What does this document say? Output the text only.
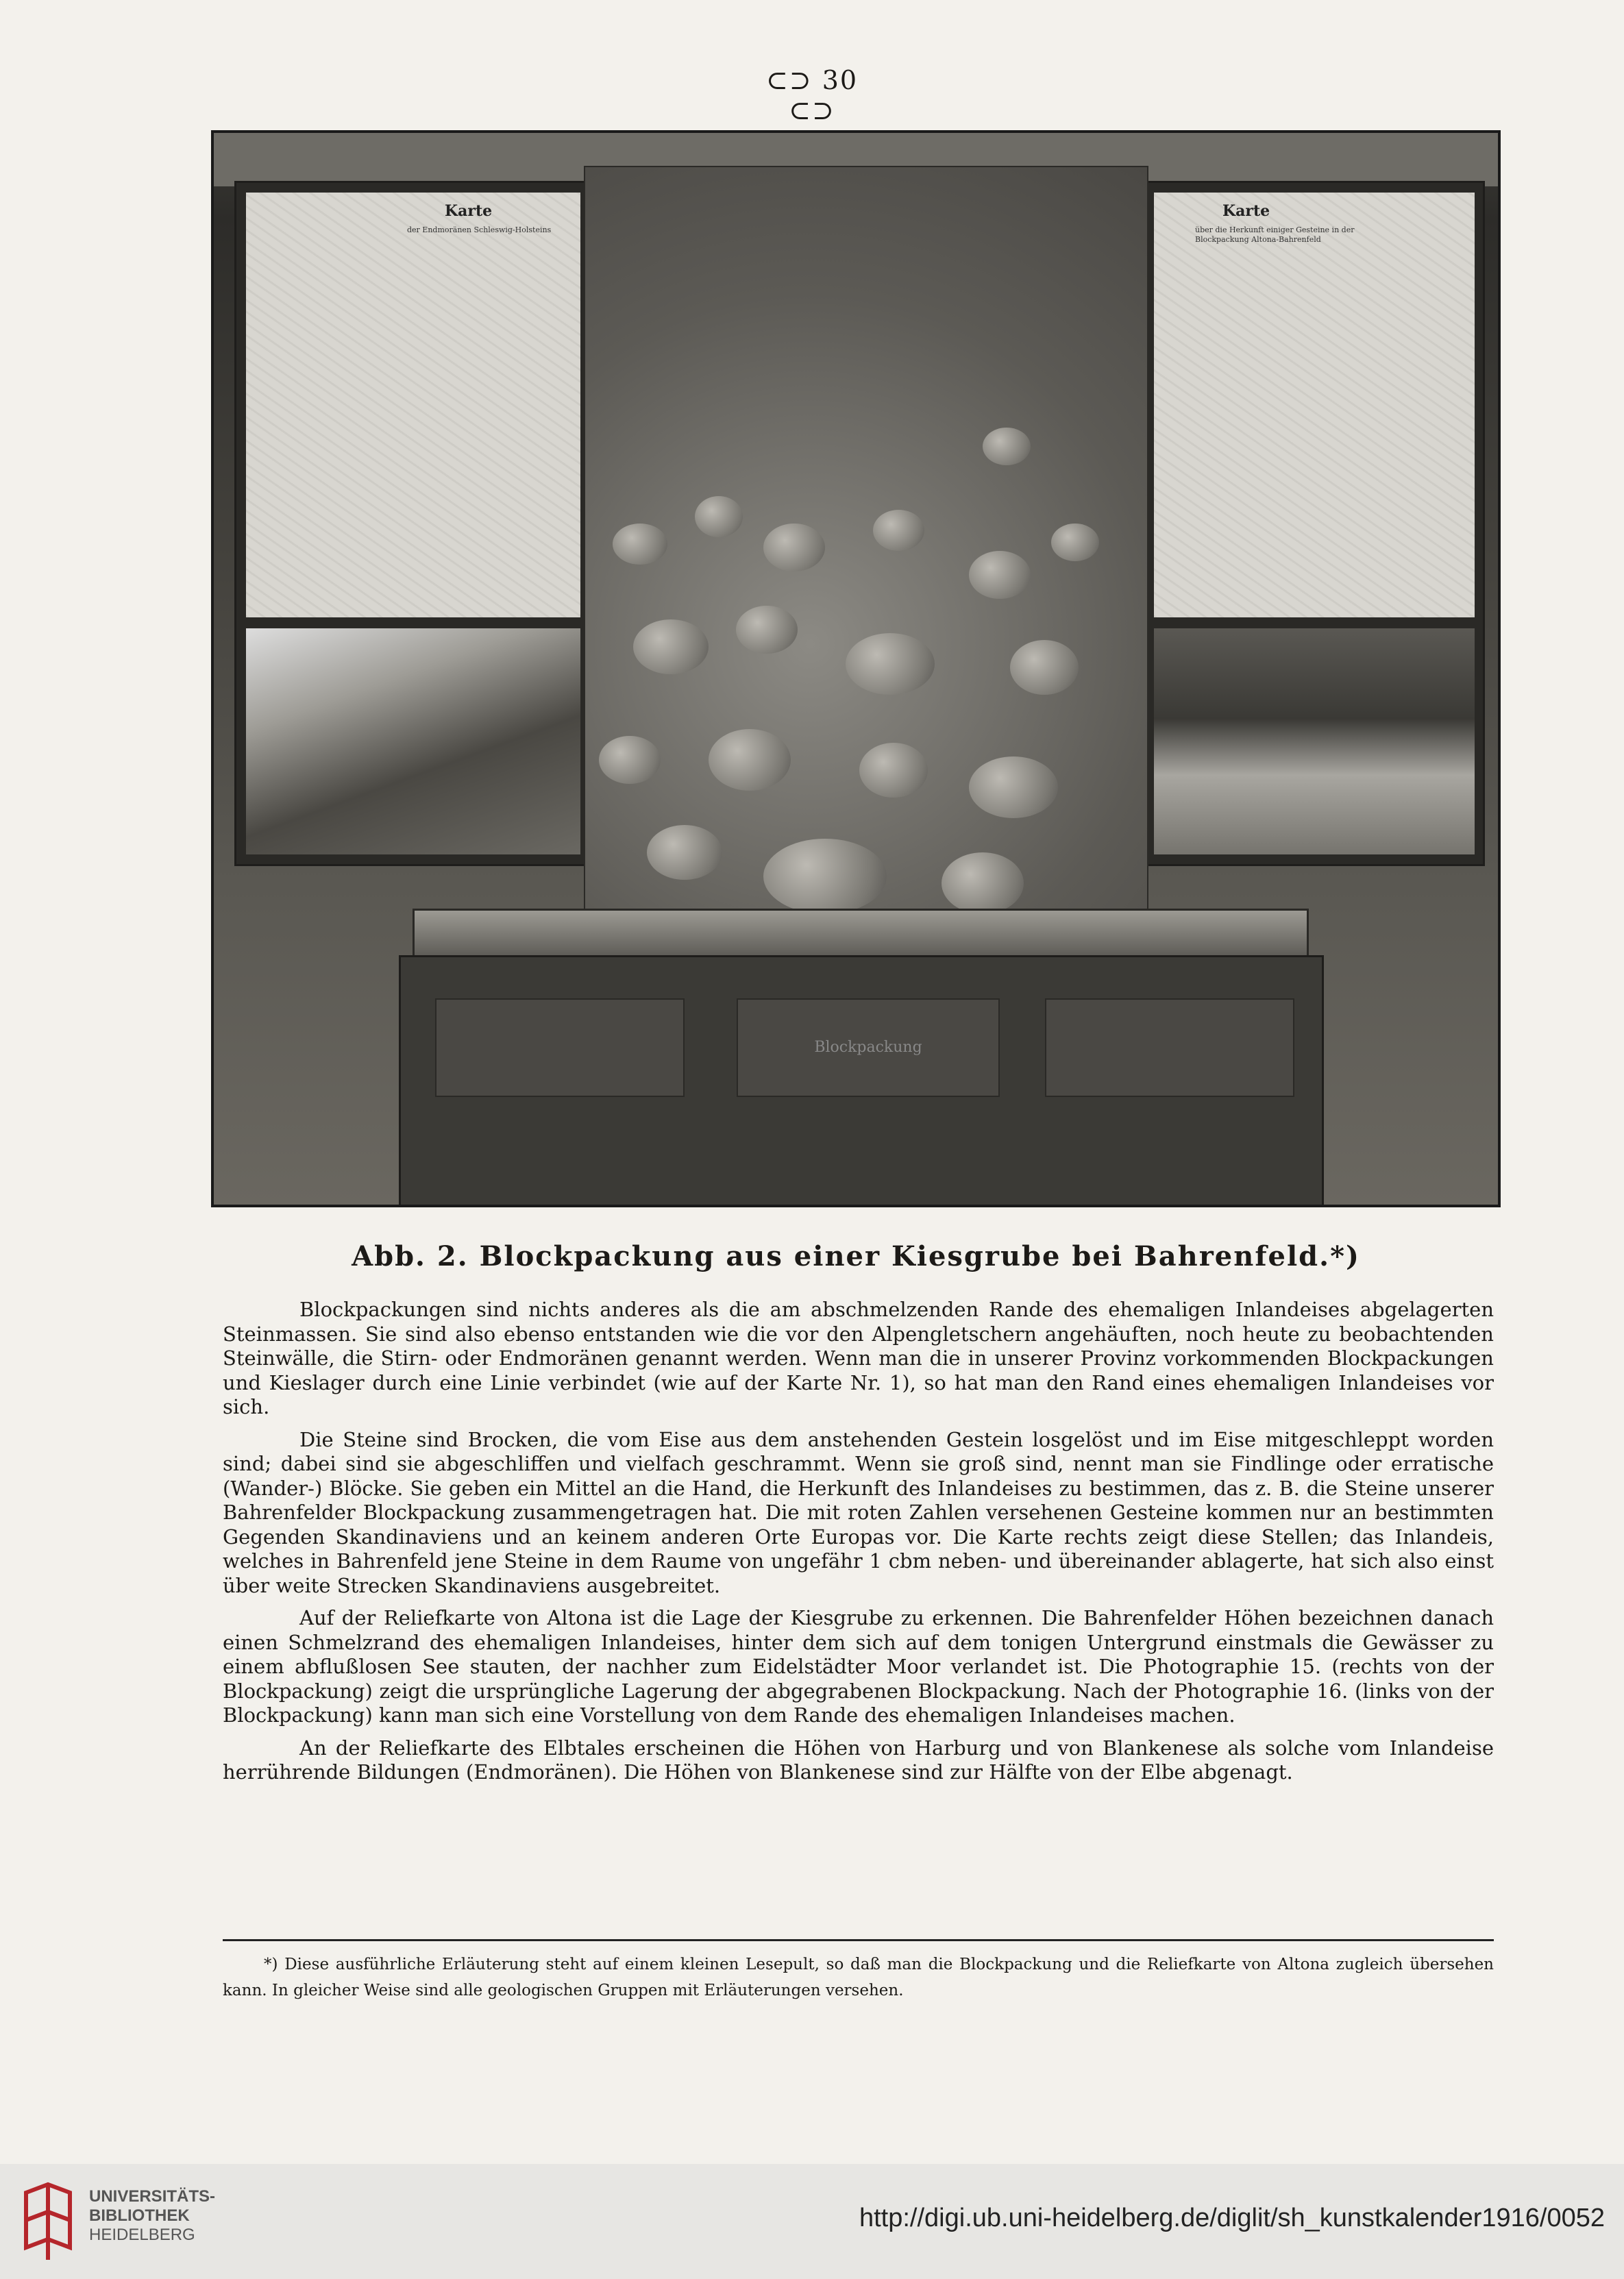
⊂⊃ 30 ⊂⊃
Karte
der Endmoränen Schleswig-Holsteins
Karte
über die Herkunft einiger Gesteine in der Blockpackung Altona-Bahrenfeld
Blockpackung
Abb. 2. Blockpackung aus einer Kiesgrube bei Bahrenfeld.*)

Blockpackungen sind nichts anderes als die am abschmelzenden Rande des ehemaligen Inlandeises abgelagerten Steinmassen. Sie sind also ebenso entstanden wie die vor den Alpengletschern angehäuften, noch heute zu beobachtenden Steinwälle, die Stirn- oder Endmoränen genannt werden. Wenn man die in unserer Provinz vorkommenden Blockpackungen und Kieslager durch eine Linie verbindet (wie auf der Karte Nr. 1), so hat man den Rand eines ehemaligen Inlandeises vor sich.

Die Steine sind Brocken, die vom Eise aus dem anstehenden Gestein losgelöst und im Eise mitgeschleppt worden sind; dabei sind sie abgeschliffen und vielfach geschrammt. Wenn sie groß sind, nennt man sie Findlinge oder erratische (Wander-) Blöcke. Sie geben ein Mittel an die Hand, die Herkunft des Inlandeises zu bestimmen, das z. B. die Steine unserer Bahrenfelder Blockpackung zusammengetragen hat. Die mit roten Zahlen versehenen Gesteine kommen nur an bestimmten Gegenden Skandinaviens und an keinem anderen Orte Europas vor. Die Karte rechts zeigt diese Stellen; das Inlandeis, welches in Bahrenfeld jene Steine in dem Raume von ungefähr 1 cbm neben- und übereinander ablagerte, hat sich also einst über weite Strecken Skandinaviens ausgebreitet.

Auf der Reliefkarte von Altona ist die Lage der Kiesgrube zu erkennen. Die Bahrenfelder Höhen bezeichnen danach einen Schmelzrand des ehemaligen Inlandeises, hinter dem sich auf dem tonigen Untergrund einstmals die Gewässer zu einem abflußlosen See stauten, der nachher zum Eidelstädter Moor verlandet ist. Die Photographie 15. (rechts von der Blockpackung) zeigt die ursprüngliche Lagerung der abgegrabenen Blockpackung. Nach der Photographie 16. (links von der Blockpackung) kann man sich eine Vorstellung von dem Rande des ehemaligen Inlandeises machen.

An der Reliefkarte des Elbtales erscheinen die Höhen von Harburg und von Blankenese als solche vom Inlandeise herrührende Bildungen (Endmoränen). Die Höhen von Blankenese sind zur Hälfte von der Elbe abgenagt.

*) Diese ausführliche Erläuterung steht auf einem kleinen Lesepult, so daß man die Blockpackung und die Reliefkarte von Altona zugleich übersehen kann. In gleicher Weise sind alle geologischen Gruppen mit Erläuterungen versehen.
UNIVERSITÄTS-
BIBLIOTHEK
HEIDELBERG
http://digi.ub.uni-heidelberg.de/diglit/sh_kunstkalender1916/0052
